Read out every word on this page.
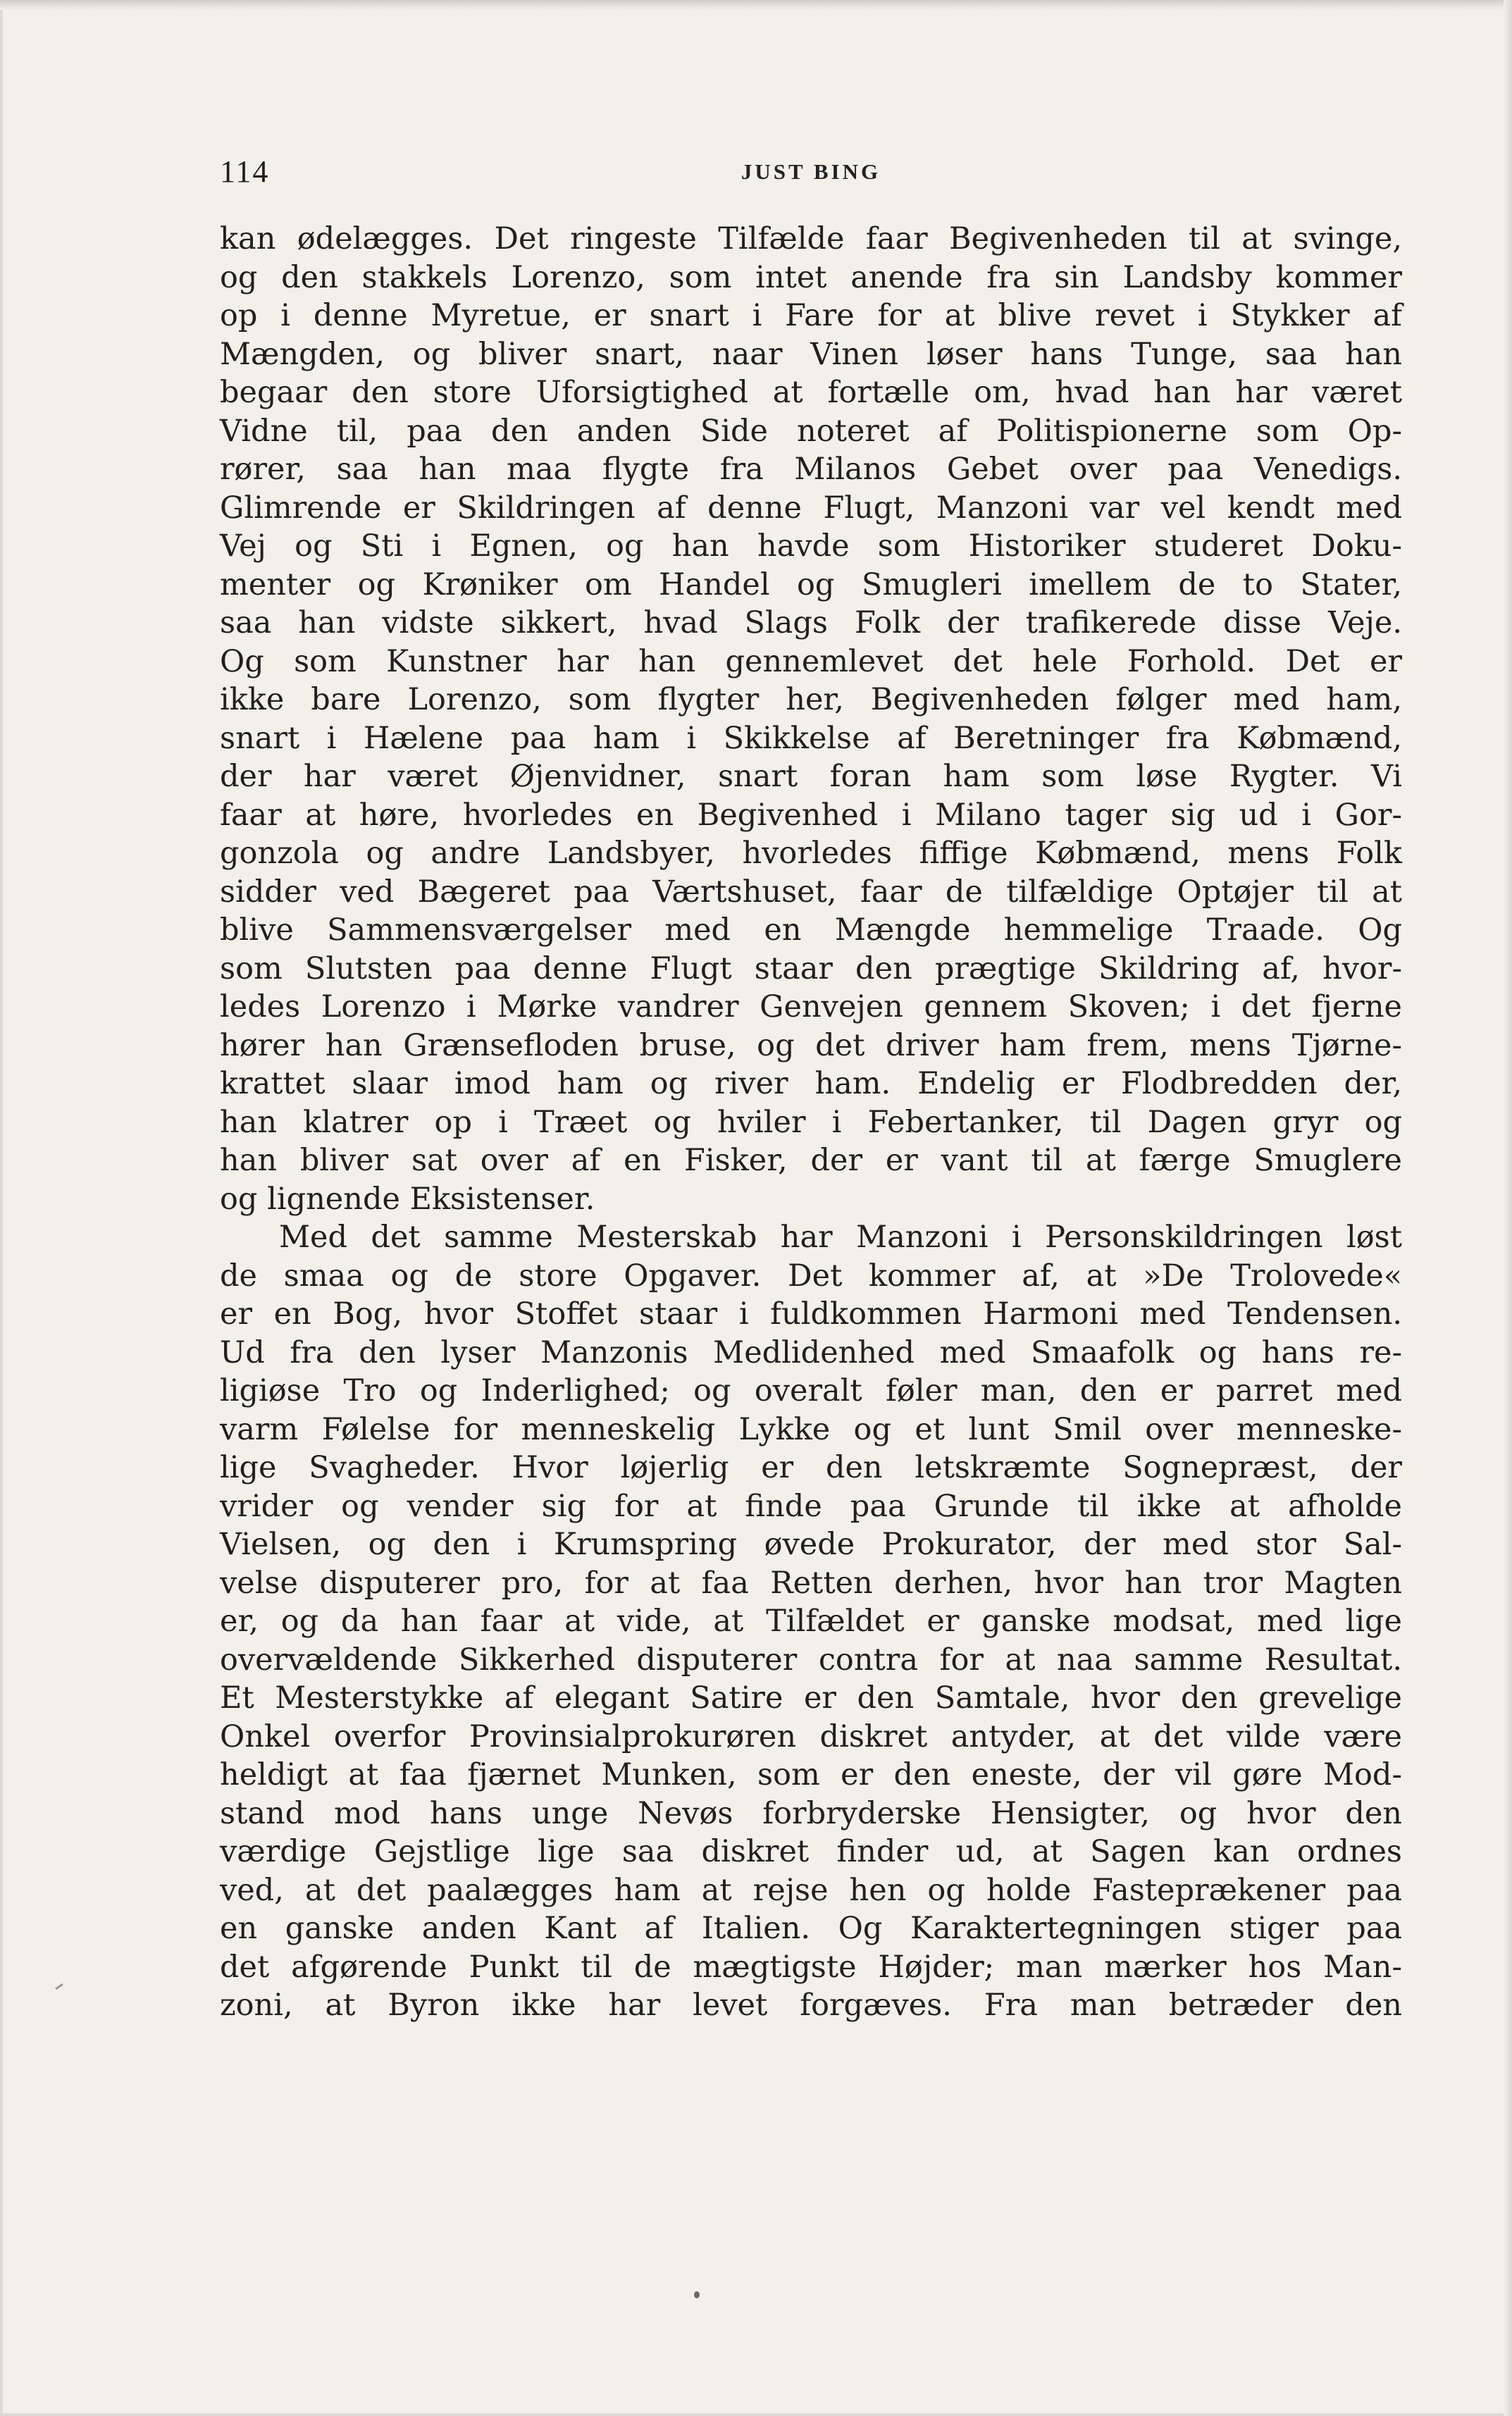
114	JUST BING
kan ødelægges. Det ringeste Tilfælde faar Begivenheden til at svinge,
og den stakkels Lorenzo, som intet anende fra sin Landsby kommer
op i denne Myretue, er snart i Fare for at blive revet i Stykker af
Mængden, og bliver snart, naar Vinen løser hans Tunge, saa han
begaar den store Uforsigtighed at fortælle om, hvad han har været
Vidne til, paa den anden Side noteret af Politispionerne som Op-
rører, saa han maa flygte fra Milanos Gebet over paa Venedigs.
Glimrende er Skildringen af denne Flugt, Manzoni var vel kendt med
Vej og Sti i Egnen, og han havde som Historiker studeret Doku-
menter og Krøniker om Handel og Smugleri imellem de to Stater,
saa han vidste sikkert, hvad Slags Folk der trafikerede disse Veje.
Og som Kunstner har han gennemlevet det hele Forhold. Det er
ikke bare Lorenzo, som flygter her, Begivenheden følger med ham,
snart i Hælene paa ham i Skikkelse af Beretninger fra Købmænd,
der har været Øjenvidner, snart foran ham som løse Rygter. Vi
faar at høre, hvorledes en Begivenhed i Milano tager sig ud i Gor-
gonzola og andre Landsbyer, hvorledes fiffige Købmænd, mens Folk
sidder ved Bægeret paa Værtshuset, faar de tilfældige Optøjer til at
blive Sammensværgelser med en Mængde hemmelige Traade. Og
som Slutsten paa denne Flugt staar den prægtige Skildring af, hvor-
ledes Lorenzo i Mørke vandrer Genvejen gennem Skoven; i det fjerne
hører han Grænsefloden bruse, og det driver ham frem, mens Tjørne-
krattet slaar imod ham og river ham. Endelig er Flodbredden der,
han klatrer op i Træet og hviler i Febertanker, til Dagen gryr og
han bliver sat over af en Fisker, der er vant til at færge Smuglere
og lignende Eksistenser.
Med det samme Mesterskab har Manzoni i Personskildringen løst
de smaa og de store Opgaver. Det kommer af, at »De Trolovede«
er en Bog, hvor Stoffet staar i fuldkommen Harmoni med Tendensen.
Ud fra den lyser Manzonis Medlidenhed med Smaafolk og hans re-
ligiøse Tro og Inderlighed; og overalt føler man, den er parret med
varm Følelse for menneskelig Lykke og et lunt Smil over menneske-
lige Svagheder. Hvor løjerlig er den letskræmte Sognepræst, der
vrider og vender sig for at finde paa Grunde til ikke at afholde
Vielsen, og den i Krumspring øvede Prokurator, der med stor Sal-
velse disputerer pro, for at faa Retten derhen, hvor han tror Magten
er, og da han faar at vide, at Tilfældet er ganske modsat, med lige
overvældende Sikkerhed disputerer contra for at naa samme Resultat.
Et Mesterstykke af elegant Satire er den Samtale, hvor den grevelige
Onkel overfor Provinsialprokurøren diskret antyder, at det vilde være
heldigt at faa fjærnet Munken, som er den eneste, der vil gøre Mod-
stand mod hans unge Nevøs forbryderske Hensigter, og hvor den
værdige Gejstlige lige saa diskret finder ud, at Sagen kan ordnes
ved, at det paalægges ham at rejse hen og holde Fasteprækener paa
en ganske anden Kant af Italien. Og Karaktertegningen stiger paa
det afgørende Punkt til de mægtigste Højder; man mærker hos Man-
zoni, at Byron ikke har levet forgæves. Fra man betræder den
